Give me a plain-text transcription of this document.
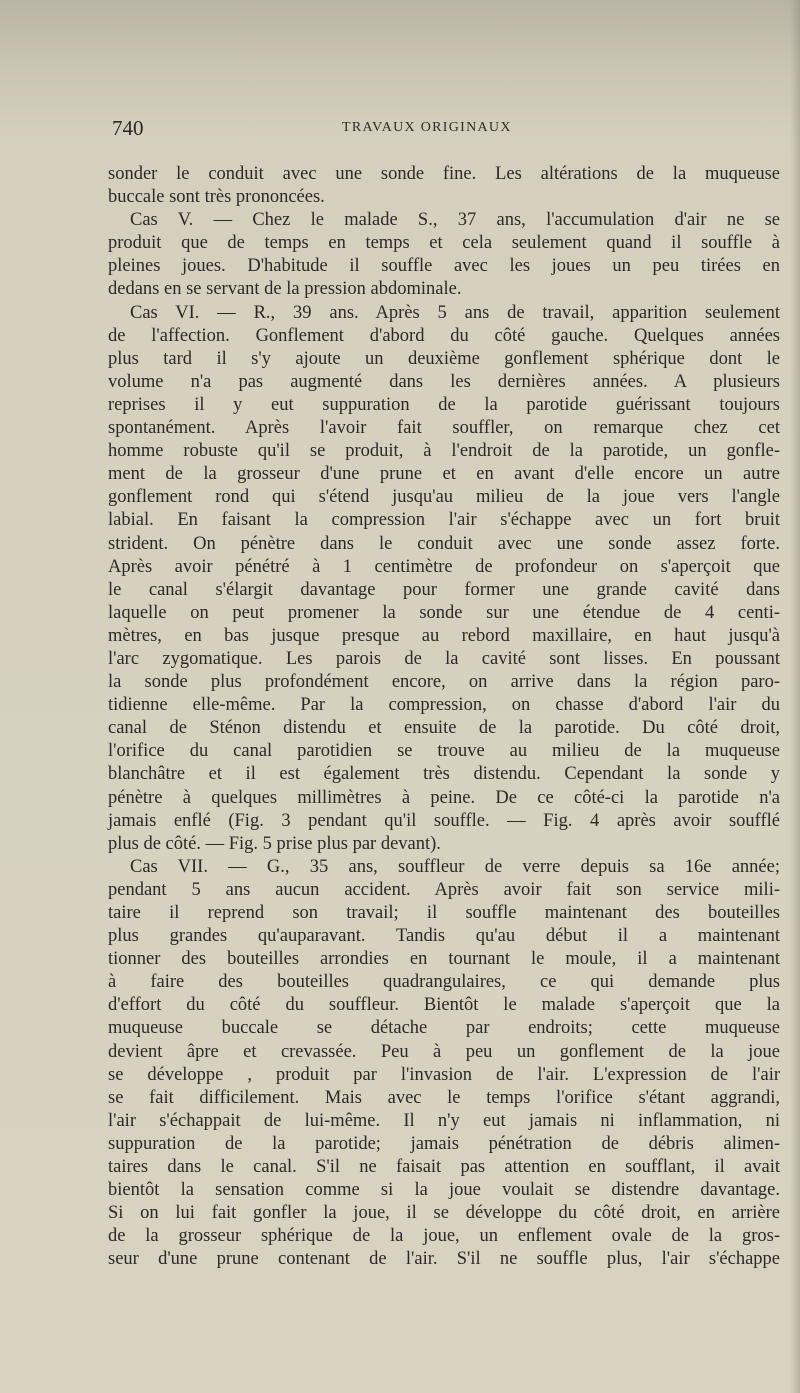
740	TRAVAUX ORIGINAUX
sonder le conduit avec une sonde fine. Les altérations de la muqueuse
buccale sont très prononcées.
Cas V. — Chez le malade S., 37 ans, l'accumulation d'air ne se
produit que de temps en temps et cela seulement quand il souffle à
pleines joues. D'habitude il souffle avec les joues un peu tirées en
dedans en se servant de la pression abdominale.
Cas VI. — R., 39 ans. Après 5 ans de travail, apparition seulement
de l'affection. Gonflement d'abord du côté gauche. Quelques années
plus tard il s'y ajoute un deuxième gonflement sphérique dont le
volume n'a pas augmenté dans les dernières années. A plusieurs
reprises il y eut suppuration de la parotide guérissant toujours
spontanément. Après l'avoir fait souffler, on remarque chez cet
homme robuste qu'il se produit, à l'endroit de la parotide, un gonfle-
ment de la grosseur d'une prune et en avant d'elle encore un autre
gonflement rond qui s'étend jusqu'au milieu de la joue vers l'angle
labial. En faisant la compression l'air s'échappe avec un fort bruit
strident. On pénètre dans le conduit avec une sonde assez forte.
Après avoir pénétré à 1 centimètre de profondeur on s'aperçoit que
le canal s'élargit davantage pour former une grande cavité dans
laquelle on peut promener la sonde sur une étendue de 4 centi-
mètres, en bas jusque presque au rebord maxillaire, en haut jusqu'à
l'arc zygomatique. Les parois de la cavité sont lisses. En poussant
la sonde plus profondément encore, on arrive dans la région paro-
tidienne elle-même. Par la compression, on chasse d'abord l'air du
canal de Sténon distendu et ensuite de la parotide. Du côté droit,
l'orifice du canal parotidien se trouve au milieu de la muqueuse
blanchâtre et il est également très distendu. Cependant la sonde y
pénètre à quelques millimètres à peine. De ce côté-ci la parotide n'a
jamais enflé (Fig. 3 pendant qu'il souffle. — Fig. 4 après avoir soufflé
plus de côté. — Fig. 5 prise plus par devant).
Cas VII. — G., 35 ans, souffleur de verre depuis sa 16e année;
pendant 5 ans aucun accident. Après avoir fait son service mili-
taire il reprend son travail; il souffle maintenant des bouteilles
plus grandes qu'auparavant. Tandis qu'au début il a maintenant
tionner des bouteilles arrondies en tournant le moule, il a maintenant
à faire des bouteilles quadrangulaires, ce qui demande plus
d'effort du côté du souffleur. Bientôt le malade s'aperçoit que la
muqueuse buccale se détache par endroits; cette muqueuse
devient âpre et crevassée. Peu à peu un gonflement de la joue
se développe , produit par l'invasion de l'air. L'expression de l'air
se fait difficilement. Mais avec le temps l'orifice s'étant aggrandi,
l'air s'échappait de lui-même. Il n'y eut jamais ni inflammation, ni
suppuration de la parotide; jamais pénétration de débris alimen-
taires dans le canal. S'il ne faisait pas attention en soufflant, il avait
bientôt la sensation comme si la joue voulait se distendre davantage.
Si on lui fait gonfler la joue, il se développe du côté droit, en arrière
de la grosseur sphérique de la joue, un enflement ovale de la gros-
seur d'une prune contenant de l'air. S'il ne souffle plus, l'air s'échappe
